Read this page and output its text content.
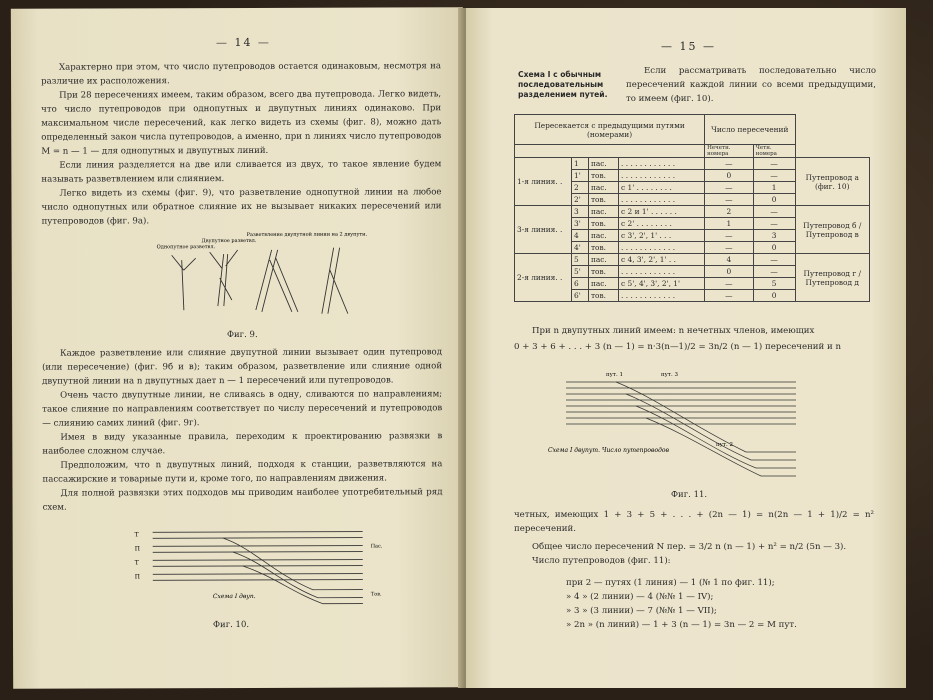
— 14 —

Характерно при этом, что число путепроводов остается одинаковым, несмотря на различие их расположения.

При 28 пересечениях имеем, таким образом, всего два путепровода. Легко видеть, что число путепроводов при однопутных и двупутных линиях одинаково. При максимальном числе пересечений, как легко видеть из схемы (фиг. 8), можно дать определенный закон числа путепроводов, а именно, при n линиях число путепроводов M = n — 1 — для однопутных и двупутных линий.

Если линия разделяется на две или сливается из двух, то такое явление будем называть разветвлением или слиянием.

Легко видеть из схемы (фиг. 9), что разветвление однопутной линии на любое число однопутных или обратное слияние их не вызывает никаких пересечений или путепроводов (фиг. 9a).

Однопутное разветвл.
Двупутное разветвл.
Разветвление двупутной линии на 2 двупутн.
Фиг. 9.

Каждое разветвление или слияние двупутной линии вызывает один путепровод (или пересечение) (фиг. 9б и в); таким образом, разветвление или слияние одной двупутной линии на n двупутных дает n — 1 пересечений или путепроводов.

Очень часто двупутные линии, не сливаясь в одну, сливаются по направлениям; такое слияние по направлениям соответствует по числу пересечений и путепроводов — слиянию самих линий (фиг. 9г).

Имея в виду указанные правила, переходим к проектированию развязки в наиболее сложном случае.

Предположим, что n двупутных линий, подходя к станции, разветвляются на пассажирские и товарные пути и, кроме того, по направлениям движения.

Для полной развязки этих подходов мы приводим наиболее употребительный ряд схем.

Т
П
Т
П
Схема I двуп.
Пас.
Тов.
Фиг. 10.
— 15 —
Схема I с обычным последовательным разделением путей.

Если рассматривать последовательно число пересечений каждой линии со всеми предыдущими, то имеем (фиг. 10).

Пересекается с предыдущими путями (номерами)				Число пересечений		
				Нечетн. номера	Четн. номера	
1-я линия. .	1	пас.	. . . . . . . . . . . .	—	—	Путепровод а (фиг. 10)
	1'	тов.	. . . . . . . . . . . .	0	—	
	2	пас.	с 1' . . . . . . . .	—	1	
	2'	тов.	. . . . . . . . . . . .	—	0	
3-я линия. .	3	пас.	с 2 и 1' . . . . . .	2	—	Путепровод б / Путепровод в
	3'	тов.	с 2' . . . . . . . .	1	—	
	4	пас.	с 3', 2', 1' . . .	—	3	
	4'	тов.	. . . . . . . . . . . .	—	0	
2-я линия. .	5	пас.	с 4, 3', 2', 1' . .	4	—	Путепровод г / Путепровод д
	5'	тов.	. . . . . . . . . . . .	0	—	
	6	пас.	с 5', 4', 3', 2', 1'	—	5	
	6'	тов.	. . . . . . . . . . . .	—	0	

При n двупутных линий имеем: n нечетных членов, имеющих

0 + 3 + 6 + . . . + 3 (n — 1) = n·3(n—1)/2 = 3n/2 (n — 1) пересечений и n
пут. 1	пут. 3
пут. 2
Схема I двупут. Число путепроводов
Фиг. 11.
четных, имеющих 1 + 3 + 5 + . . . + (2n — 1) = n(2n — 1 + 1)/2 = n² пересечений.

Общее число пересечений N пер. = 3/2 n (n — 1) + n² = n/2 (5n — 3).

Число путепроводов (фиг. 11):

при 2 — путях (1 линия) — 1 (№ 1 по фиг. 11);
» 4 » (2 линии) — 4 (№№ 1 — IV);
» 3 » (3 линии) — 7 (№№ 1 — VII);
» 2n » (n линий) — 1 + 3 (n — 1) = 3n — 2 = M пут.
